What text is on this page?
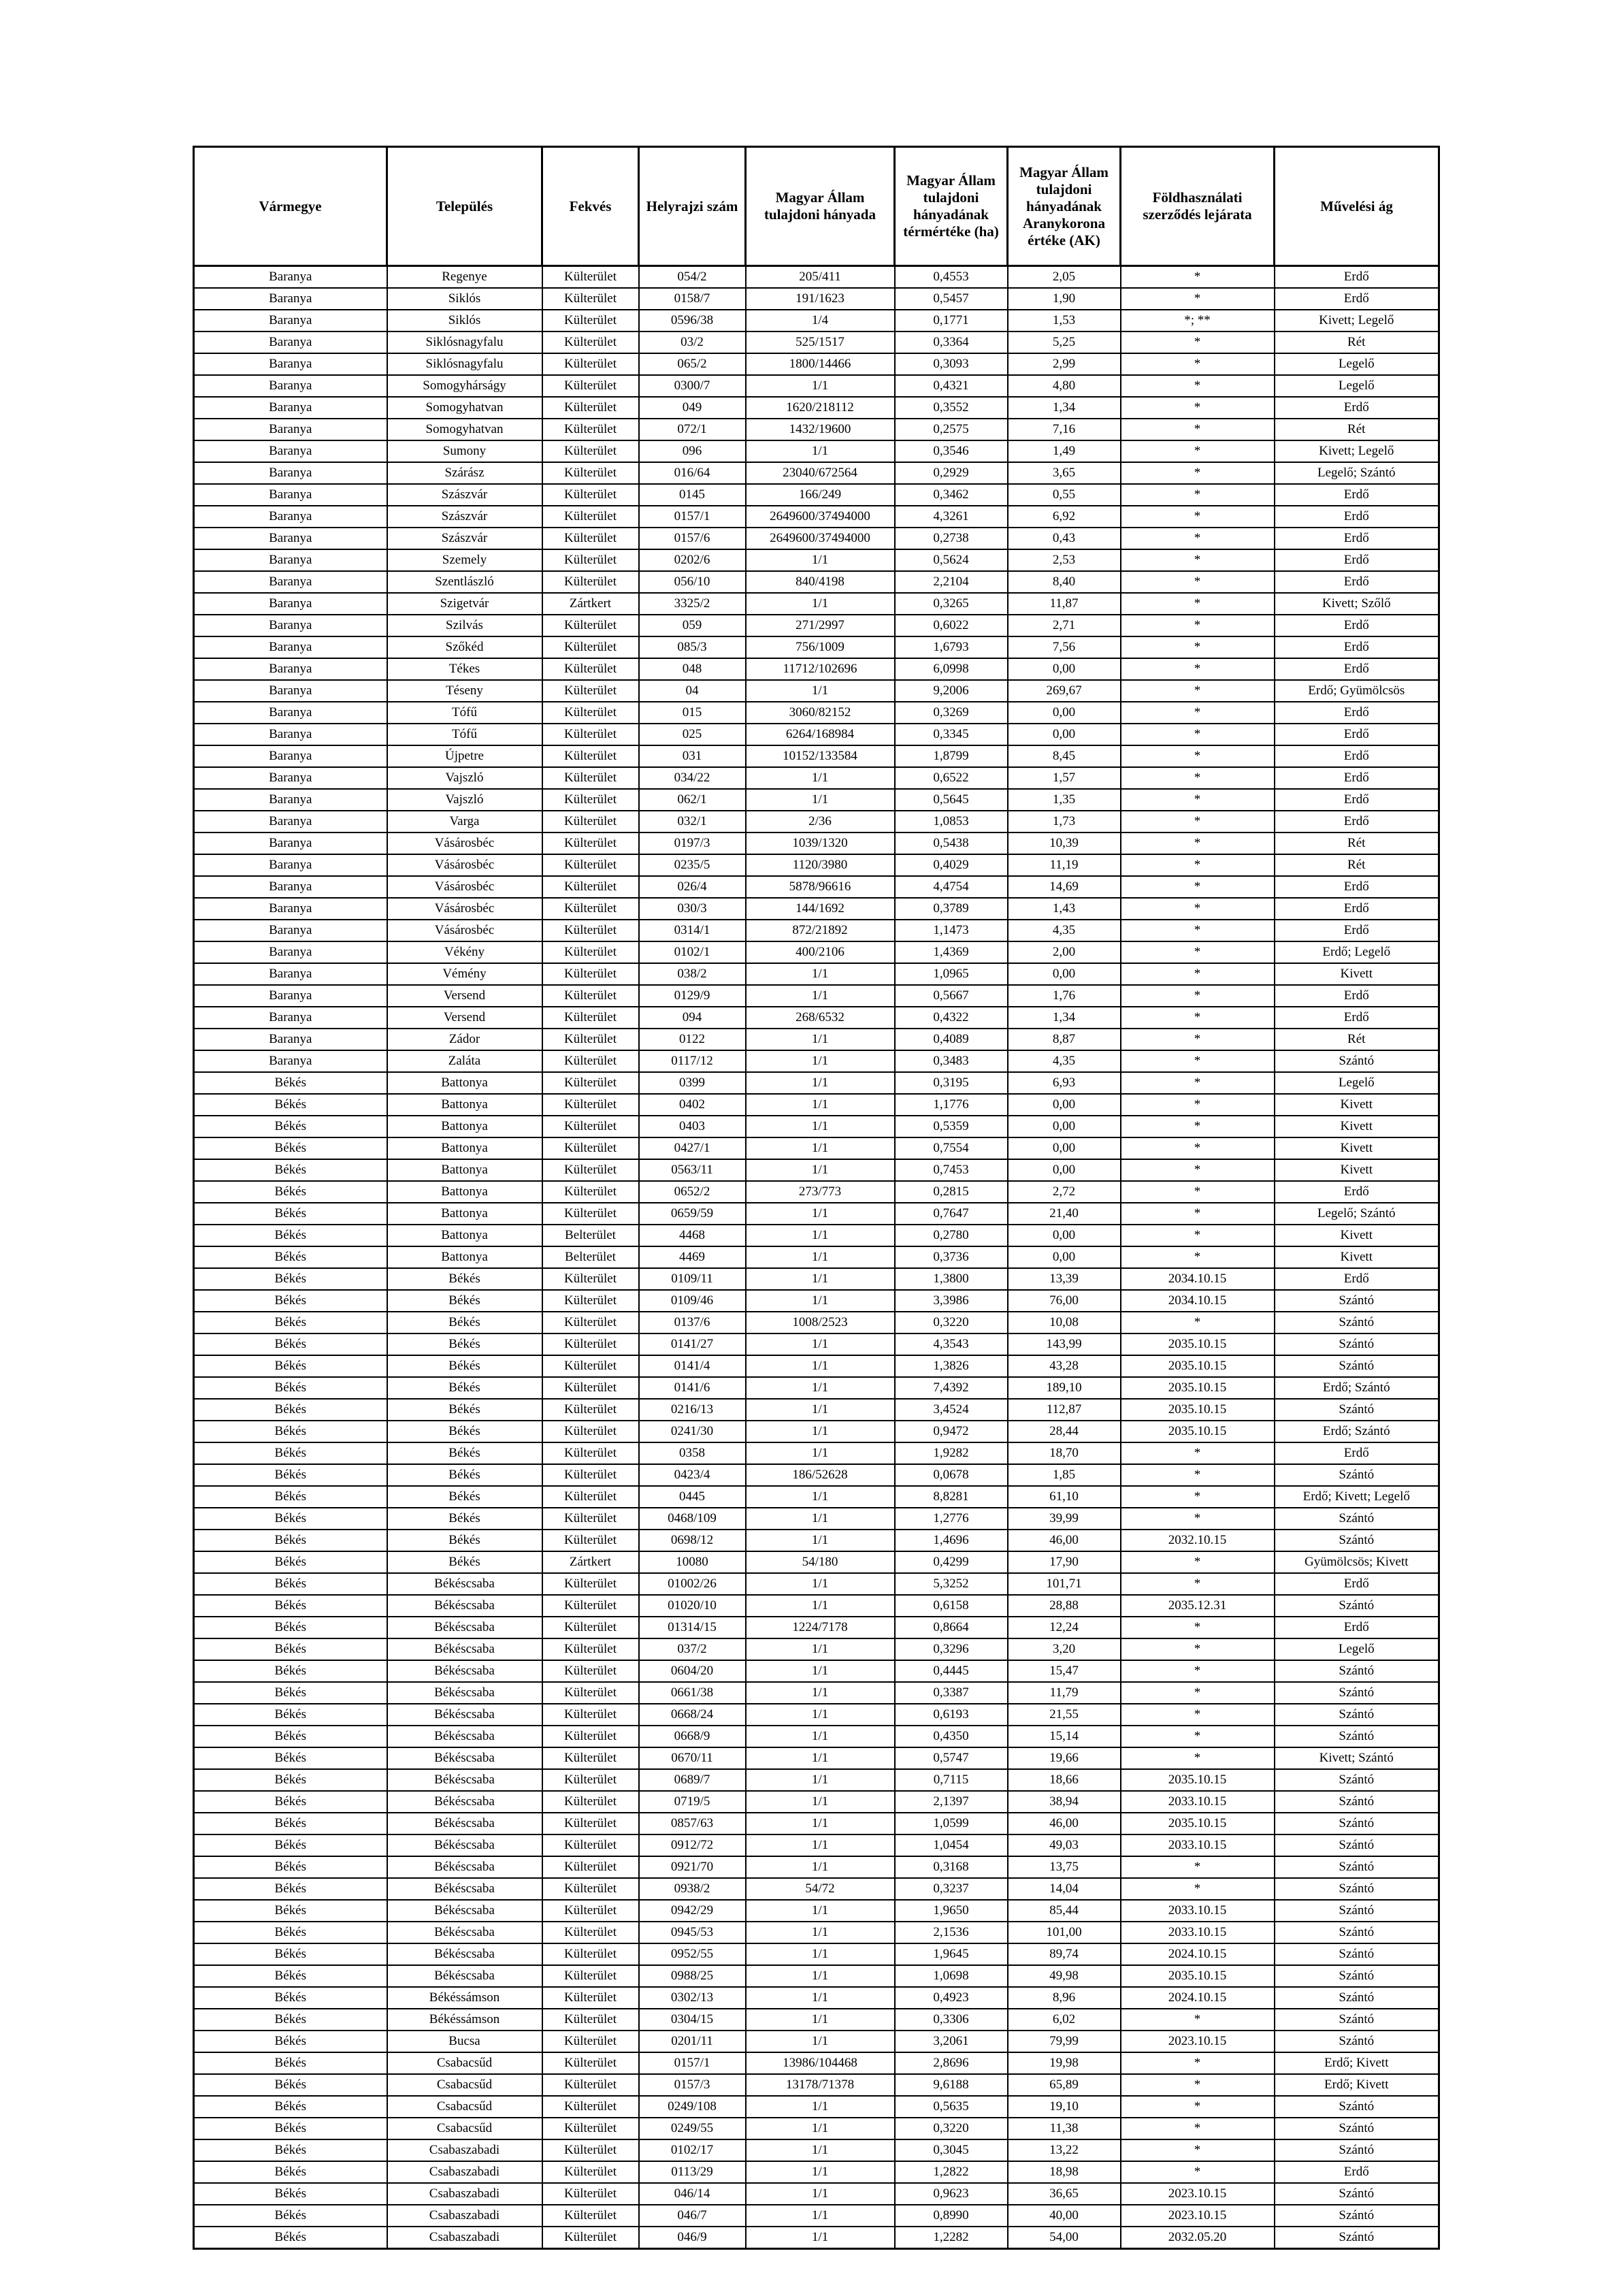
Vármegye	Település	Fekvés	Helyrajzi szám	Magyar Állam tulajdoni hányada	Magyar Állam tulajdoni hányadának térmértéke (ha)	Magyar Állam tulajdoni hányadának Aranykorona értéke (AK)	Földhasználati szerződés lejárata	Művelési ág
Baranya	Regenye	Külterület	054/2	205/411	0,4553	2,05	*	Erdő
Baranya	Siklós	Külterület	0158/7	191/1623	0,5457	1,90	*	Erdő
Baranya	Siklós	Külterület	0596/38	1/4	0,1771	1,53	*; **	Kivett; Legelő
Baranya	Siklósnagyfalu	Külterület	03/2	525/1517	0,3364	5,25	*	Rét
Baranya	Siklósnagyfalu	Külterület	065/2	1800/14466	0,3093	2,99	*	Legelő
Baranya	Somogyhárságy	Külterület	0300/7	1/1	0,4321	4,80	*	Legelő
Baranya	Somogyhatvan	Külterület	049	1620/218112	0,3552	1,34	*	Erdő
Baranya	Somogyhatvan	Külterület	072/1	1432/19600	0,2575	7,16	*	Rét
Baranya	Sumony	Külterület	096	1/1	0,3546	1,49	*	Kivett; Legelő
Baranya	Szárász	Külterület	016/64	23040/672564	0,2929	3,65	*	Legelő; Szántó
Baranya	Szászvár	Külterület	0145	166/249	0,3462	0,55	*	Erdő
Baranya	Szászvár	Külterület	0157/1	2649600/37494000	4,3261	6,92	*	Erdő
Baranya	Szászvár	Külterület	0157/6	2649600/37494000	0,2738	0,43	*	Erdő
Baranya	Szemely	Külterület	0202/6	1/1	0,5624	2,53	*	Erdő
Baranya	Szentlászló	Külterület	056/10	840/4198	2,2104	8,40	*	Erdő
Baranya	Szigetvár	Zártkert	3325/2	1/1	0,3265	11,87	*	Kivett; Szőlő
Baranya	Szilvás	Külterület	059	271/2997	0,6022	2,71	*	Erdő
Baranya	Szőkéd	Külterület	085/3	756/1009	1,6793	7,56	*	Erdő
Baranya	Tékes	Külterület	048	11712/102696	6,0998	0,00	*	Erdő
Baranya	Téseny	Külterület	04	1/1	9,2006	269,67	*	Erdő; Gyümölcsös
Baranya	Tófű	Külterület	015	3060/82152	0,3269	0,00	*	Erdő
Baranya	Tófű	Külterület	025	6264/168984	0,3345	0,00	*	Erdő
Baranya	Újpetre	Külterület	031	10152/133584	1,8799	8,45	*	Erdő
Baranya	Vajszló	Külterület	034/22	1/1	0,6522	1,57	*	Erdő
Baranya	Vajszló	Külterület	062/1	1/1	0,5645	1,35	*	Erdő
Baranya	Varga	Külterület	032/1	2/36	1,0853	1,73	*	Erdő
Baranya	Vásárosbéc	Külterület	0197/3	1039/1320	0,5438	10,39	*	Rét
Baranya	Vásárosbéc	Külterület	0235/5	1120/3980	0,4029	11,19	*	Rét
Baranya	Vásárosbéc	Külterület	026/4	5878/96616	4,4754	14,69	*	Erdő
Baranya	Vásárosbéc	Külterület	030/3	144/1692	0,3789	1,43	*	Erdő
Baranya	Vásárosbéc	Külterület	0314/1	872/21892	1,1473	4,35	*	Erdő
Baranya	Vékény	Külterület	0102/1	400/2106	1,4369	2,00	*	Erdő; Legelő
Baranya	Vémény	Külterület	038/2	1/1	1,0965	0,00	*	Kivett
Baranya	Versend	Külterület	0129/9	1/1	0,5667	1,76	*	Erdő
Baranya	Versend	Külterület	094	268/6532	0,4322	1,34	*	Erdő
Baranya	Zádor	Külterület	0122	1/1	0,4089	8,87	*	Rét
Baranya	Zaláta	Külterület	0117/12	1/1	0,3483	4,35	*	Szántó
Békés	Battonya	Külterület	0399	1/1	0,3195	6,93	*	Legelő
Békés	Battonya	Külterület	0402	1/1	1,1776	0,00	*	Kivett
Békés	Battonya	Külterület	0403	1/1	0,5359	0,00	*	Kivett
Békés	Battonya	Külterület	0427/1	1/1	0,7554	0,00	*	Kivett
Békés	Battonya	Külterület	0563/11	1/1	0,7453	0,00	*	Kivett
Békés	Battonya	Külterület	0652/2	273/773	0,2815	2,72	*	Erdő
Békés	Battonya	Külterület	0659/59	1/1	0,7647	21,40	*	Legelő; Szántó
Békés	Battonya	Belterület	4468	1/1	0,2780	0,00	*	Kivett
Békés	Battonya	Belterület	4469	1/1	0,3736	0,00	*	Kivett
Békés	Békés	Külterület	0109/11	1/1	1,3800	13,39	2034.10.15	Erdő
Békés	Békés	Külterület	0109/46	1/1	3,3986	76,00	2034.10.15	Szántó
Békés	Békés	Külterület	0137/6	1008/2523	0,3220	10,08	*	Szántó
Békés	Békés	Külterület	0141/27	1/1	4,3543	143,99	2035.10.15	Szántó
Békés	Békés	Külterület	0141/4	1/1	1,3826	43,28	2035.10.15	Szántó
Békés	Békés	Külterület	0141/6	1/1	7,4392	189,10	2035.10.15	Erdő; Szántó
Békés	Békés	Külterület	0216/13	1/1	3,4524	112,87	2035.10.15	Szántó
Békés	Békés	Külterület	0241/30	1/1	0,9472	28,44	2035.10.15	Erdő; Szántó
Békés	Békés	Külterület	0358	1/1	1,9282	18,70	*	Erdő
Békés	Békés	Külterület	0423/4	186/52628	0,0678	1,85	*	Szántó
Békés	Békés	Külterület	0445	1/1	8,8281	61,10	*	Erdő; Kivett; Legelő
Békés	Békés	Külterület	0468/109	1/1	1,2776	39,99	*	Szántó
Békés	Békés	Külterület	0698/12	1/1	1,4696	46,00	2032.10.15	Szántó
Békés	Békés	Zártkert	10080	54/180	0,4299	17,90	*	Gyümölcsös; Kivett
Békés	Békéscsaba	Külterület	01002/26	1/1	5,3252	101,71	*	Erdő
Békés	Békéscsaba	Külterület	01020/10	1/1	0,6158	28,88	2035.12.31	Szántó
Békés	Békéscsaba	Külterület	01314/15	1224/7178	0,8664	12,24	*	Erdő
Békés	Békéscsaba	Külterület	037/2	1/1	0,3296	3,20	*	Legelő
Békés	Békéscsaba	Külterület	0604/20	1/1	0,4445	15,47	*	Szántó
Békés	Békéscsaba	Külterület	0661/38	1/1	0,3387	11,79	*	Szántó
Békés	Békéscsaba	Külterület	0668/24	1/1	0,6193	21,55	*	Szántó
Békés	Békéscsaba	Külterület	0668/9	1/1	0,4350	15,14	*	Szántó
Békés	Békéscsaba	Külterület	0670/11	1/1	0,5747	19,66	*	Kivett; Szántó
Békés	Békéscsaba	Külterület	0689/7	1/1	0,7115	18,66	2035.10.15	Szántó
Békés	Békéscsaba	Külterület	0719/5	1/1	2,1397	38,94	2033.10.15	Szántó
Békés	Békéscsaba	Külterület	0857/63	1/1	1,0599	46,00	2035.10.15	Szántó
Békés	Békéscsaba	Külterület	0912/72	1/1	1,0454	49,03	2033.10.15	Szántó
Békés	Békéscsaba	Külterület	0921/70	1/1	0,3168	13,75	*	Szántó
Békés	Békéscsaba	Külterület	0938/2	54/72	0,3237	14,04	*	Szántó
Békés	Békéscsaba	Külterület	0942/29	1/1	1,9650	85,44	2033.10.15	Szántó
Békés	Békéscsaba	Külterület	0945/53	1/1	2,1536	101,00	2033.10.15	Szántó
Békés	Békéscsaba	Külterület	0952/55	1/1	1,9645	89,74	2024.10.15	Szántó
Békés	Békéscsaba	Külterület	0988/25	1/1	1,0698	49,98	2035.10.15	Szántó
Békés	Békéssámson	Külterület	0302/13	1/1	0,4923	8,96	2024.10.15	Szántó
Békés	Békéssámson	Külterület	0304/15	1/1	0,3306	6,02	*	Szántó
Békés	Bucsa	Külterület	0201/11	1/1	3,2061	79,99	2023.10.15	Szántó
Békés	Csabacsűd	Külterület	0157/1	13986/104468	2,8696	19,98	*	Erdő; Kivett
Békés	Csabacsűd	Külterület	0157/3	13178/71378	9,6188	65,89	*	Erdő; Kivett
Békés	Csabacsűd	Külterület	0249/108	1/1	0,5635	19,10	*	Szántó
Békés	Csabacsűd	Külterület	0249/55	1/1	0,3220	11,38	*	Szántó
Békés	Csabaszabadi	Külterület	0102/17	1/1	0,3045	13,22	*	Szántó
Békés	Csabaszabadi	Külterület	0113/29	1/1	1,2822	18,98	*	Erdő
Békés	Csabaszabadi	Külterület	046/14	1/1	0,9623	36,65	2023.10.15	Szántó
Békés	Csabaszabadi	Külterület	046/7	1/1	0,8990	40,00	2023.10.15	Szántó
Békés	Csabaszabadi	Külterület	046/9	1/1	1,2282	54,00	2032.05.20	Szántó
